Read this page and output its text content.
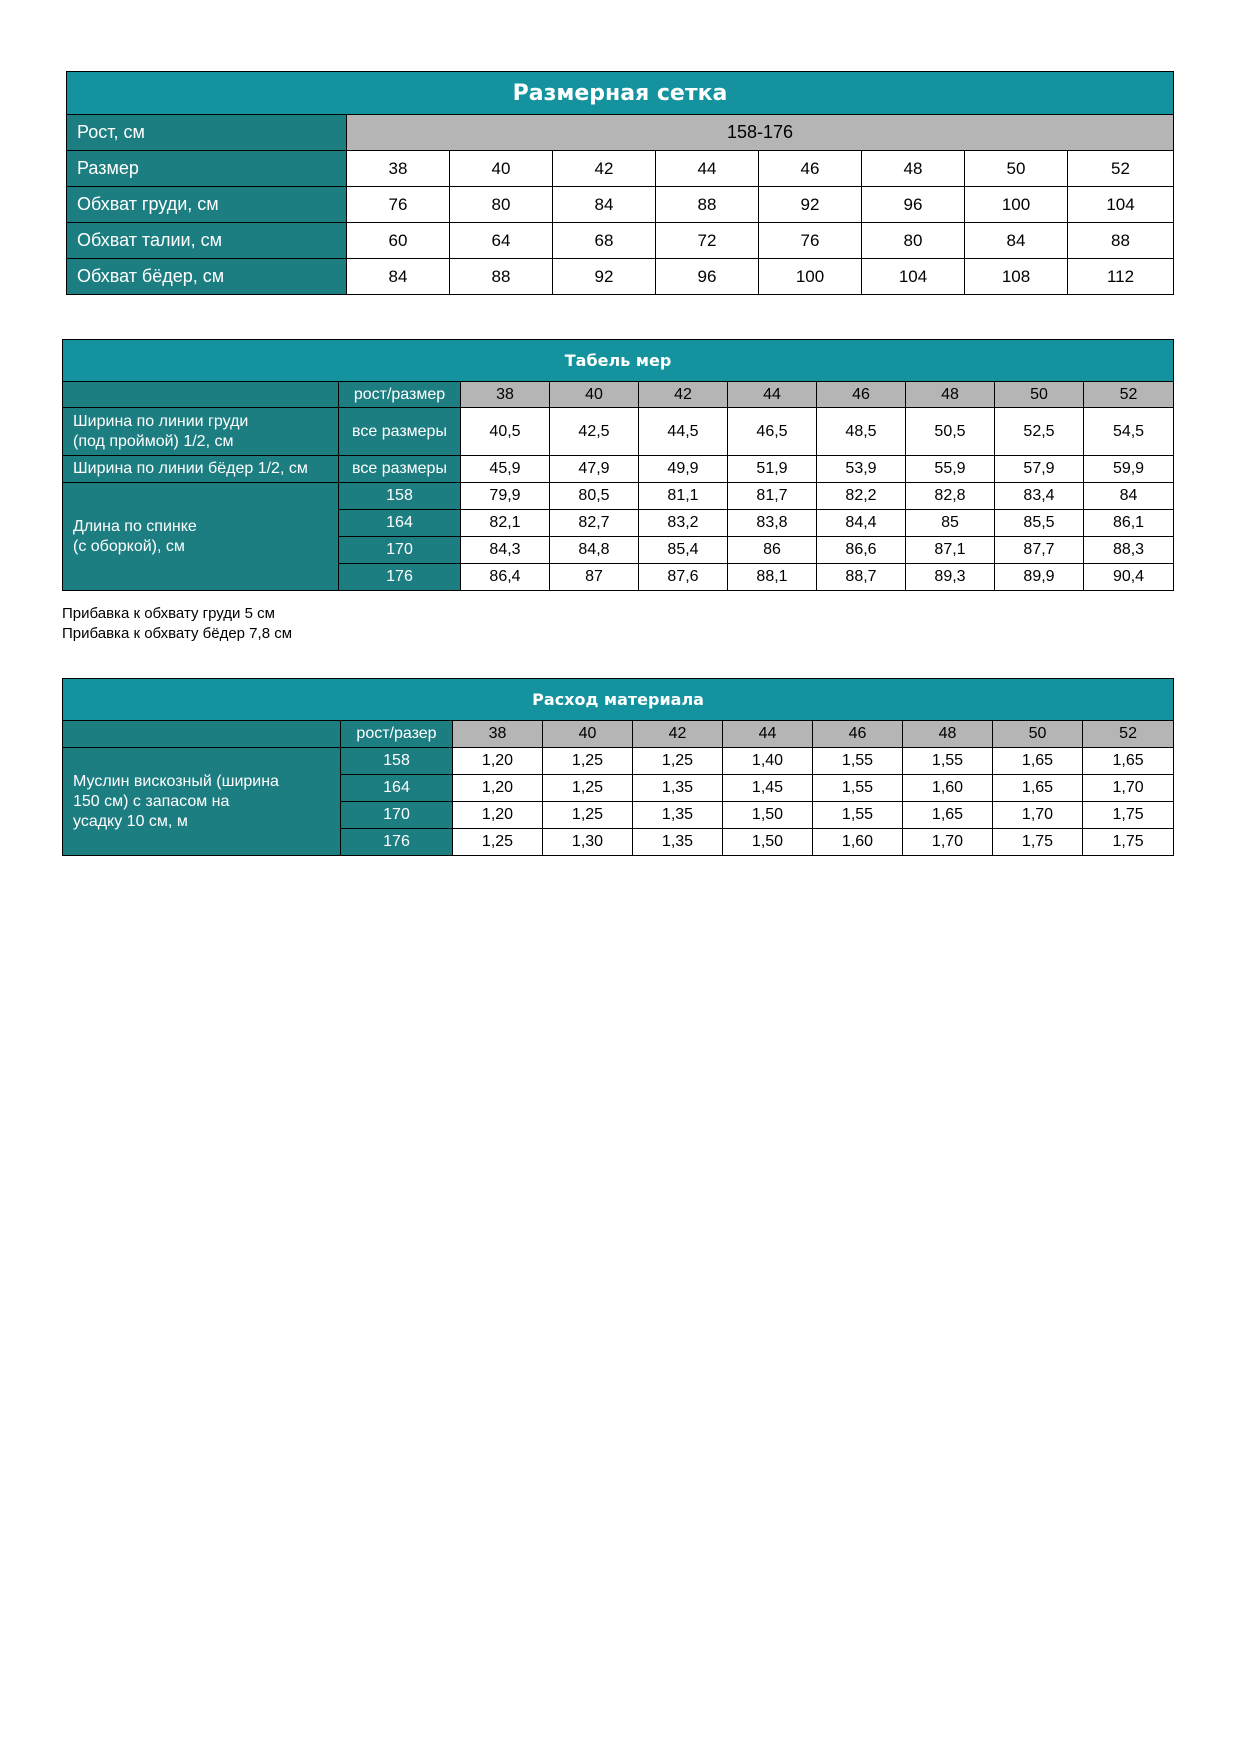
Размерная сетка								
Рост, см	158-176							
Размер	38	40	42	44	46	48	50	52
Обхват груди, см	76	80	84	88	92	96	100	104
Обхват талии, см	60	64	68	72	76	80	84	88
Обхват бёдер, см	84	88	92	96	100	104	108	112
Табель мер									
	рост/размер	38	40	42	44	46	48	50	52
Ширина по линии груди
(под проймой) 1/2, см	все размеры	40,5	42,5	44,5	46,5	48,5	50,5	52,5	54,5
Ширина по линии бёдер 1/2, см	все размеры	45,9	47,9	49,9	51,9	53,9	55,9	57,9	59,9
Длина по спинке
(с оборкой), см	158	79,9	80,5	81,1	81,7	82,2	82,8	83,4	84
	164	82,1	82,7	83,2	83,8	84,4	85	85,5	86,1
	170	84,3	84,8	85,4	86	86,6	87,1	87,7	88,3
	176	86,4	87	87,6	88,1	88,7	89,3	89,9	90,4
Прибавка к обхвату груди 5 см
Прибавка к обхвату бёдер 7,8 см
Расход материала									
	рост/разер	38	40	42	44	46	48	50	52
Муслин вискозный (ширина
150 см) с запасом на
усадку 10 см, м	158	1,20	1,25	1,25	1,40	1,55	1,55	1,65	1,65
	164	1,20	1,25	1,35	1,45	1,55	1,60	1,65	1,70
	170	1,20	1,25	1,35	1,50	1,55	1,65	1,70	1,75
	176	1,25	1,30	1,35	1,50	1,60	1,70	1,75	1,75
